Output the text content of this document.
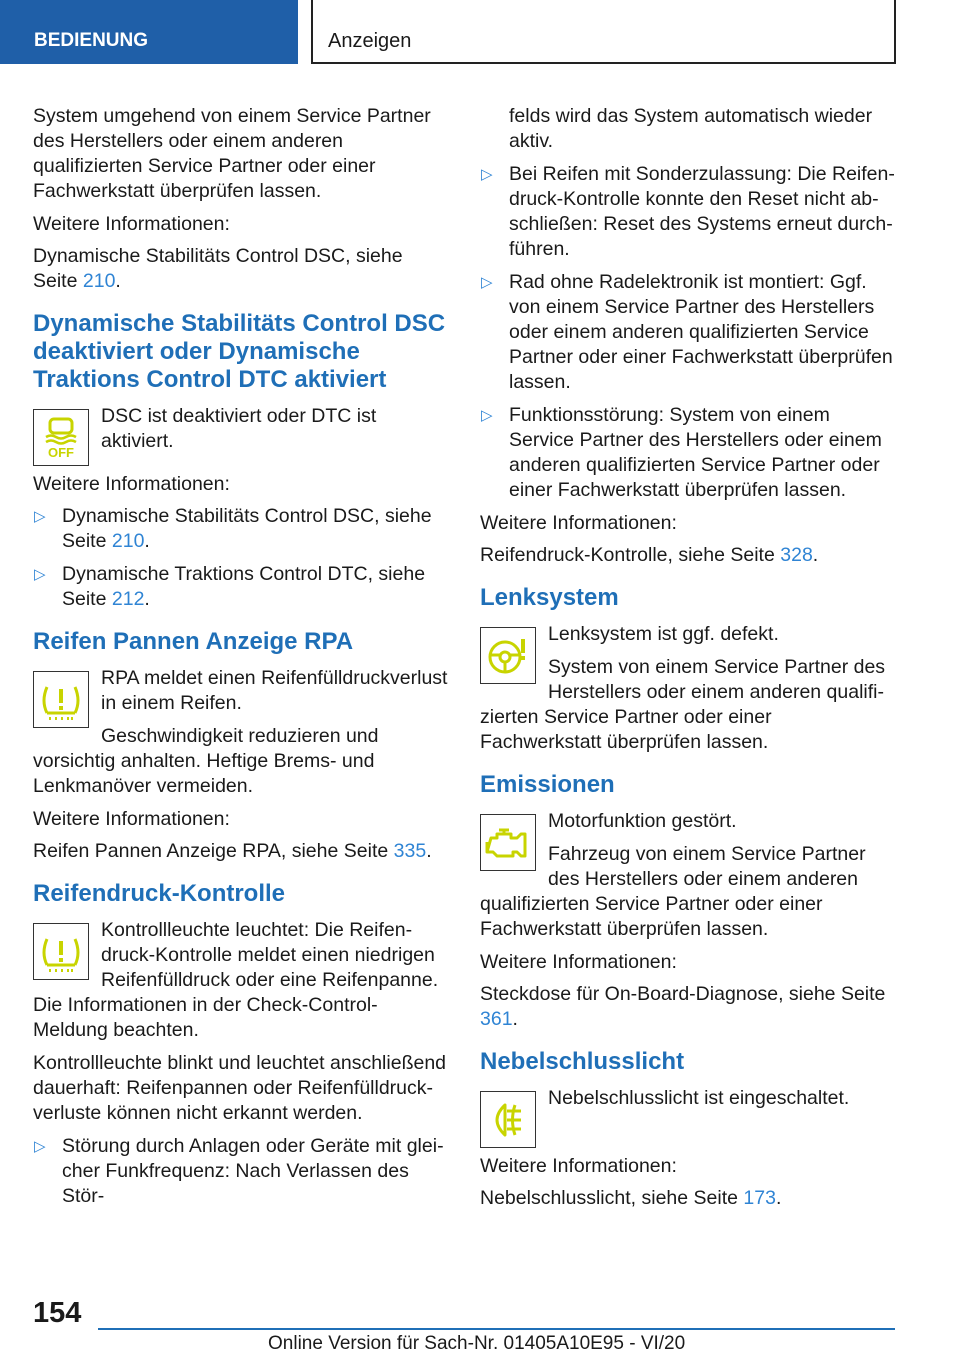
BEDIENUNG	Anzeigen

System umgehend von einem Service Partner des Herstellers oder einem anderen qualifizierten Service Partner oder einer Fachwerkstatt überprüfen lassen.

Weitere Informationen:

Dynamische Stabilitäts Control DSC, siehe Seite 210.

Dynamische Stabilitäts Control DSC deaktiviert oder Dynamische Traktions Control DTC aktiviert
OFF

DSC ist deaktiviert oder DTC ist aktiviert.

Weitere Informationen:

▷ Dynamische Stabilitäts Control DSC, siehe Seite 210.
▷ Dynamische Traktions Control DTC, siehe Seite 212.
Reifen Pannen Anzeige RPA

RPA meldet einen Reifenfülldruckverlust in einem Reifen.

Geschwindigkeit reduzieren und vorsichtig anhalten. Heftige Brems- und Lenkmanöver vermeiden.

Weitere Informationen:

Reifen Pannen Anzeige RPA, siehe Seite 335.

Reifendruck-Kontrolle

Kontrollleuchte leuchtet: Die Reifendruck-Kontrolle meldet einen niedrigen Reifenfülldruck oder eine Reifenpanne. Die Informationen in der Check-Control-Meldung beachten.

Kontrollleuchte blinkt und leuchtet anschließend dauerhaft: Reifenpannen oder Reifenfülldruckverluste können nicht erkannt werden.

▷ Störung durch Anlagen oder Geräte mit gleicher Funkfrequenz: Nach Verlassen des Stör-

felds wird das System automatisch wieder aktiv.

▷ Bei Reifen mit Sonderzulassung: Die Reifendruck-Kontrolle konnte den Reset nicht abschließen: Reset des Systems erneut durchführen.
▷ Rad ohne Radelektronik ist montiert: Ggf. von einem Service Partner des Herstellers oder einem anderen qualifizierten Service Partner oder einer Fachwerkstatt überprüfen lassen.
▷ Funktionsstörung: System von einem Service Partner des Herstellers oder einem anderen qualifizierten Service Partner oder einer Fachwerkstatt überprüfen lassen.

Weitere Informationen:

Reifendruck-Kontrolle, siehe Seite 328.

Lenksystem

Lenksystem ist ggf. defekt.

System von einem Service Partner des Herstellers oder einem anderen qualifizierten Service Partner oder einer Fachwerkstatt überprüfen lassen.

Emissionen

Motorfunktion gestört.

Fahrzeug von einem Service Partner des Herstellers oder einem anderen qualifizierten Service Partner oder einer Fachwerkstatt überprüfen lassen.

Weitere Informationen:

Steckdose für On-Board-Diagnose, siehe Seite 361.

Nebelschlusslicht

Nebelschlusslicht ist eingeschaltet.

Weitere Informationen:

Nebelschlusslicht, siehe Seite 173.

154
Online Version für Sach-Nr. 01405A10E95 - VI/20
